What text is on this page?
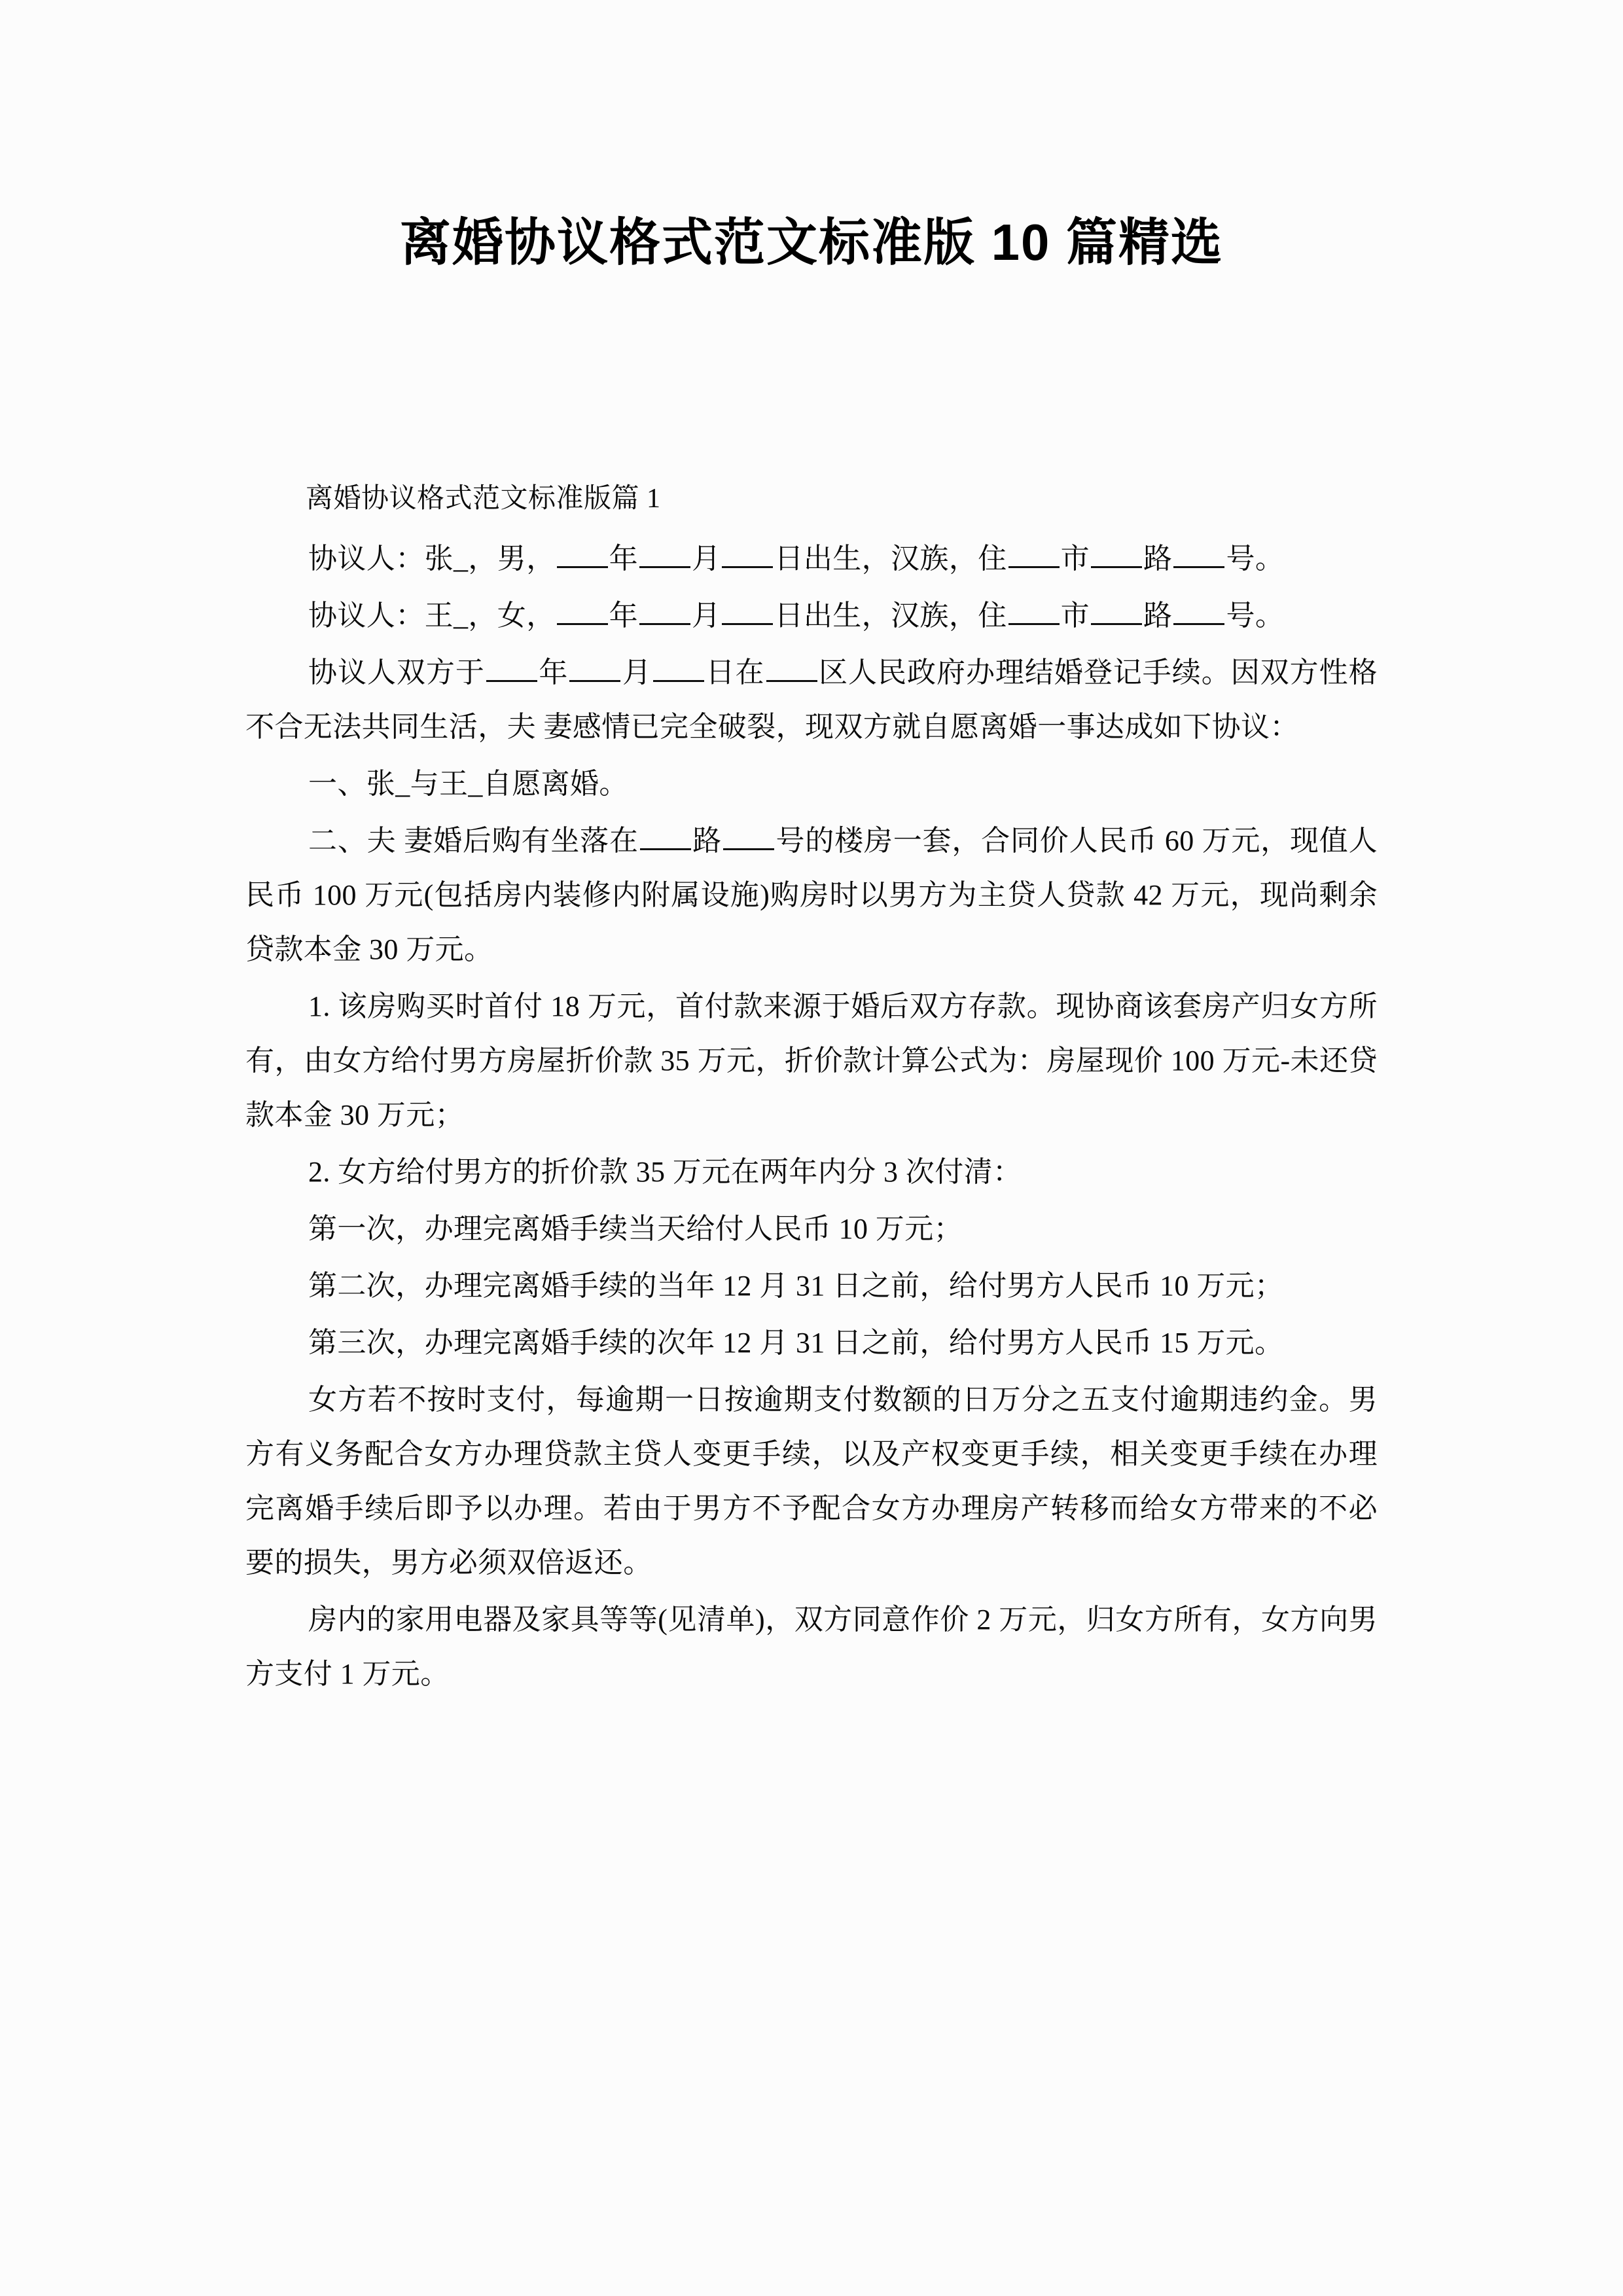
离婚协议格式范文标准版 10 篇精选
离婚协议格式范文标准版篇 1

协议人：张_，男， 年 月 日出生，汉族，住 市 路 号。

协议人：王_，女， 年 月 日出生，汉族，住 市 路 号。

协议人双方于 年 月 日在 区人民政府办理结婚登记手续。因双方性格不合无法共同生活，夫 妻感情已完全破裂，现双方就自愿离婚一事达成如下协议：

一、张_与王_自愿离婚。

二、夫 妻婚后购有坐落在 路 号的楼房一套，合同价人民币 60 万元，现值人民币 100 万元(包括房内装修内附属设施)购房时以男方为主贷人贷款 42 万元，现尚剩余贷款本金 30 万元。

1. 该房购买时首付 18 万元，首付款来源于婚后双方存款。现协商该套房产归女方所有，由女方给付男方房屋折价款 35 万元，折价款计算公式为：房屋现价 100 万元-未还贷款本金 30 万元；

2. 女方给付男方的折价款 35 万元在两年内分 3 次付清：

第一次，办理完离婚手续当天给付人民币 10 万元；

第二次，办理完离婚手续的当年 12 月 31 日之前，给付男方人民币 10 万元；

第三次，办理完离婚手续的次年 12 月 31 日之前，给付男方人民币 15 万元。

女方若不按时支付，每逾期一日按逾期支付数额的日万分之五支付逾期违约金。男方有义务配合女方办理贷款主贷人变更手续，以及产权变更手续，相关变更手续在办理完离婚手续后即予以办理。若由于男方不予配合女方办理房产转移而给女方带来的不必要的损失，男方必须双倍返还。

房内的家用电器及家具等等(见清单)，双方同意作价 2 万元，归女方所有，女方向男方支付 1 万元。
